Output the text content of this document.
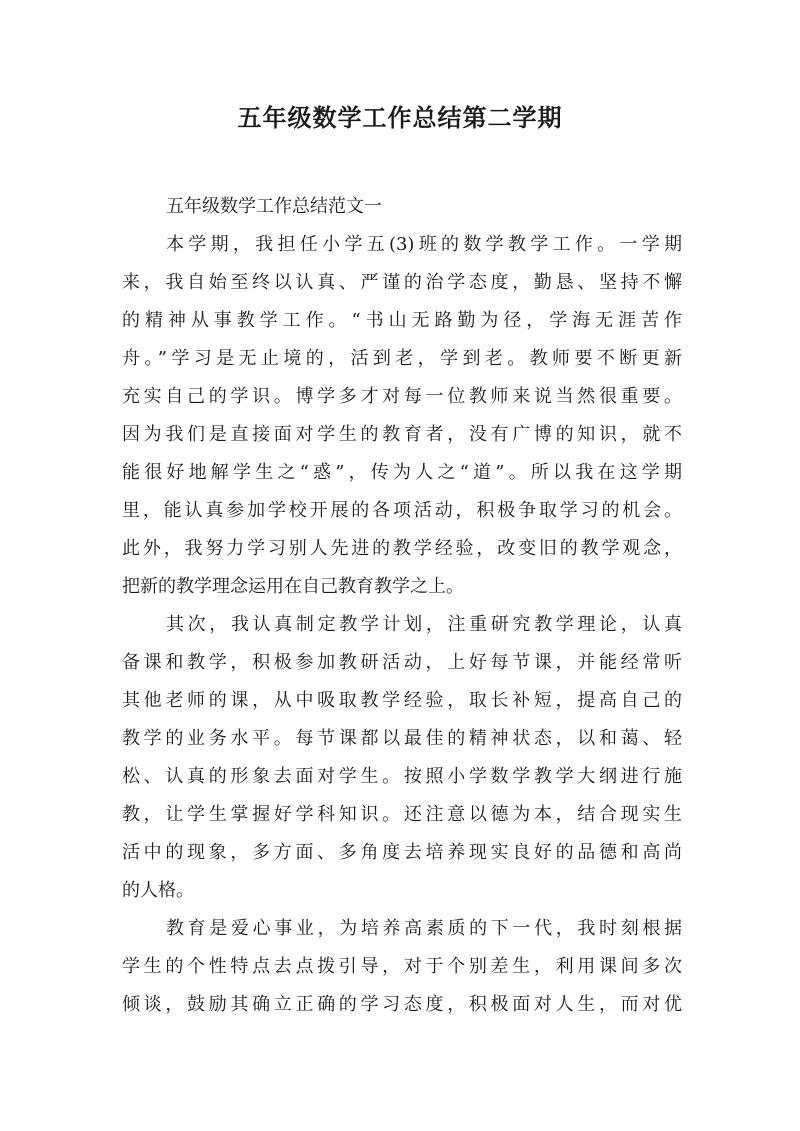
五年级数学工作总结第二学期

五年级数学工作总结范文一

本学期，我担任小学五(3)班的数学教学工作。一学期
来，我自始至终以认真、严谨的治学态度，勤恳、坚持不懈
的精神从事教学工作。“书山无路勤为径，学海无涯苦作
舟。”学习是无止境的，活到老，学到老。教师要不断更新
充实自己的学识。博学多才对每一位教师来说当然很重要。
因为我们是直接面对学生的教育者，没有广博的知识，就不
能很好地解学生之“惑”，传为人之“道”。所以我在这学期
里，能认真参加学校开展的各项活动，积极争取学习的机会。
此外，我努力学习别人先进的教学经验，改变旧的教学观念，
把新的教学理念运用在自己教育教学之上。

其次，我认真制定教学计划，注重研究教学理论，认真
备课和教学，积极参加教研活动，上好每节课，并能经常听
其他老师的课，从中吸取教学经验，取长补短，提高自己的
教学的业务水平。每节课都以最佳的精神状态，以和蔼、轻
松、认真的形象去面对学生。按照小学数学教学大纲进行施
教，让学生掌握好学科知识。还注意以德为本，结合现实生
活中的现象，多方面、多角度去培养现实良好的品德和高尚
的人格。

教育是爱心事业，为培养高素质的下一代，我时刻根据
学生的个性特点去点拨引导，对于个别差生，利用课间多次
倾谈，鼓励其确立正确的学习态度，积极面对人生，而对优
